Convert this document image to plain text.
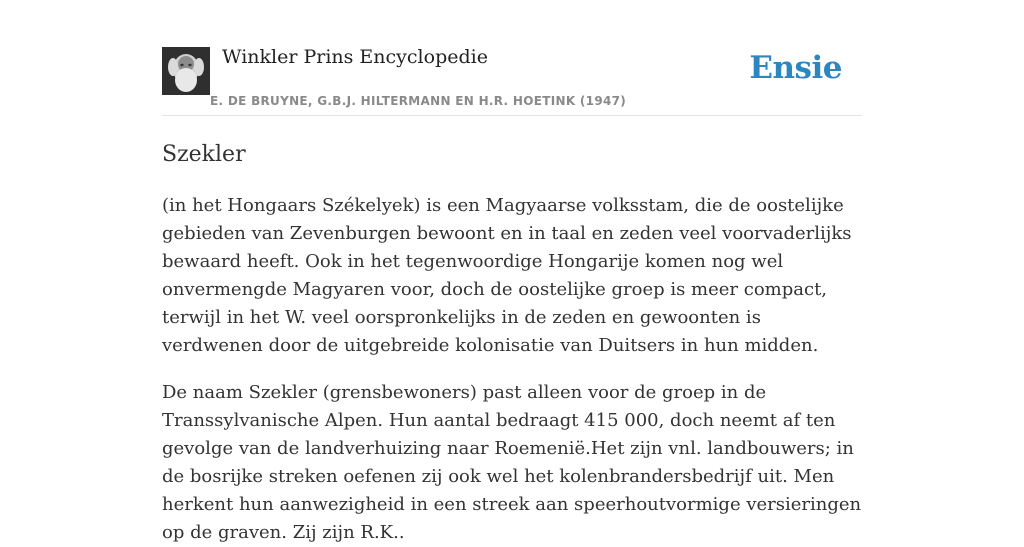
Winkler Prins Encyclopedie
E. DE BRUYNE, G.B.J. HILTERMANN EN H.R. HOETINK (1947)
Ensie
Szekler

(in het Hongaars Székelyek) is een Magyaarse volksstam, die de oostelijke gebieden van Zevenburgen bewoont en in taal en zeden veel voorvaderlijks bewaard heeft. Ook in het tegenwoordige Hongarije komen nog wel onvermengde Magyaren voor, doch de oostelijke groep is meer compact, terwijl in het W. veel oorspronkelijks in de zeden en gewoonten is verdwenen door de uitgebreide kolonisatie van Duitsers in hun midden.

De naam Szekler (grensbewoners) past alleen voor de groep in de Transsylvanische Alpen. Hun aantal bedraagt 415 000, doch neemt af ten gevolge van de landverhuizing naar Roemenië.Het zijn vnl. landbouwers; in de bosrijke streken oefenen zij ook wel het kolenbrandersbedrijf uit. Men herkent hun aanwezigheid in een streek aan speerhoutvormige versieringen op de graven. Zij zijn R.K..
